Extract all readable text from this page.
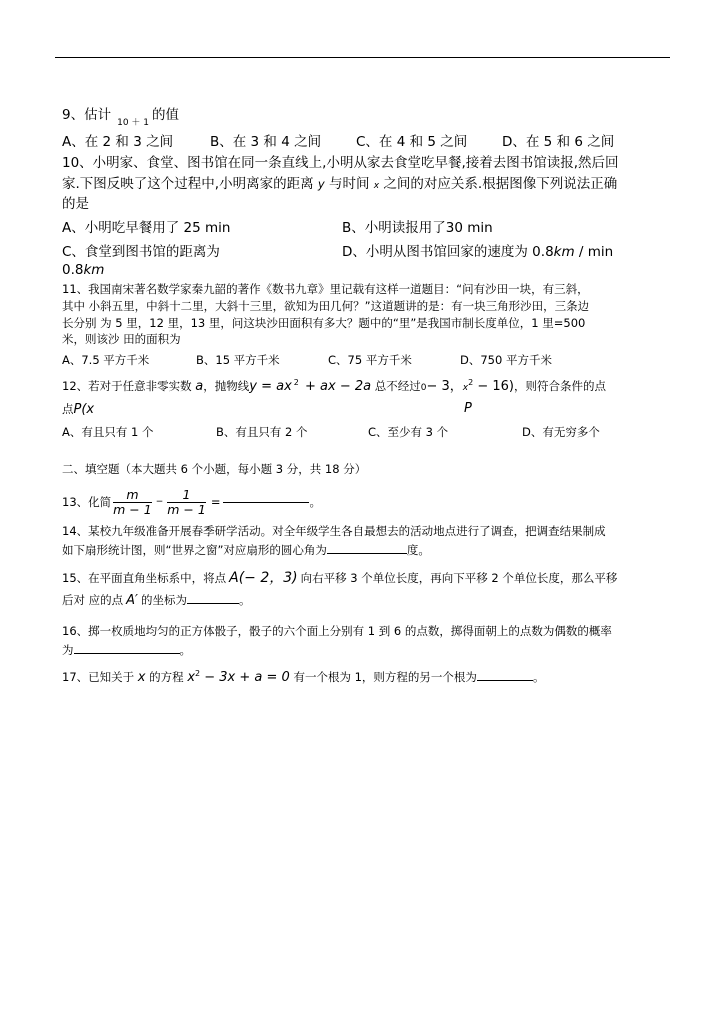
9、估计 $_{10 + 1}$ 的值
A、在 2 和 3 之间	B、在 3 和 4 之间	C、在 4 和 5 之间	D、在 5 和 6 之间
10、小明家、食堂、图书馆在同一条直线上,小明从家去食堂吃早餐,接着去图书馆读报,然后回
家.下图反映了这个过程中,小明离家的距离 y 与时间 x 之间的对应关系.根据图像下列说法正确
的是
A、小明吃早餐用了 25 min	B、小明读报用了30 min
C、食堂到图书馆的距离为	D、小明从图书馆回家的速度为 0.8km / min
0.8km
11、我国南宋著名数学家秦九韶的著作《数书九章》里记载有这样一道题目：“问有沙田一块，有三斜，
其中 小斜五里，中斜十二里，大斜十三里，欲知为田几何？”这道题讲的是：有一块三角形沙田，三条边
长分别 为 5 里，12 里，13 里，问这块沙田面积有多大？题中的“里”是我国市制长度单位，1 里=500
米，则该沙 田的面积为
A、7.5 平方千米	B、15 平方千米	C、75 平方千米	D、750 平方千米
12、若对于任意非零实数 a，抛物线y = ax $^2$ + ax − 2a 总不经过0− 3，$x^2 - 16$)，则符合条件的点
点P(x	P
A、有且只有 1 个	B、有且只有 2 个	C、至少有 3 个	D、有无穷多个
二、填空题（本大题共 6 个小题，每小题 3 分，共 18 分）
13、化简 $\frac{m}{m - 1} - \frac{1}{m - 1}$ =	。
14、某校九年级准备开展春季研学活动。对全年级学生各自最想去的活动地点进行了调查，把调查结果制成
如下扇形统计图，则“世界之窗”对应扇形的圆心角为	度。
15、在平面直角坐标系中，将点 A(− 2，3) 向右平移 3 个单位长度，再向下平移 2 个单位长度，那么平移
后对 应的点 A′ 的坐标为	。
16、掷一枚质地均匀的正方体骰子，骰子的六个面上分别有 1 到 6 的点数，掷得面朝上的点数为偶数的概率
为	。
17、已知关于 x 的方程 $x^2 - 3x + a = 0$ 有一个根为 1，则方程的另一个根为	。
